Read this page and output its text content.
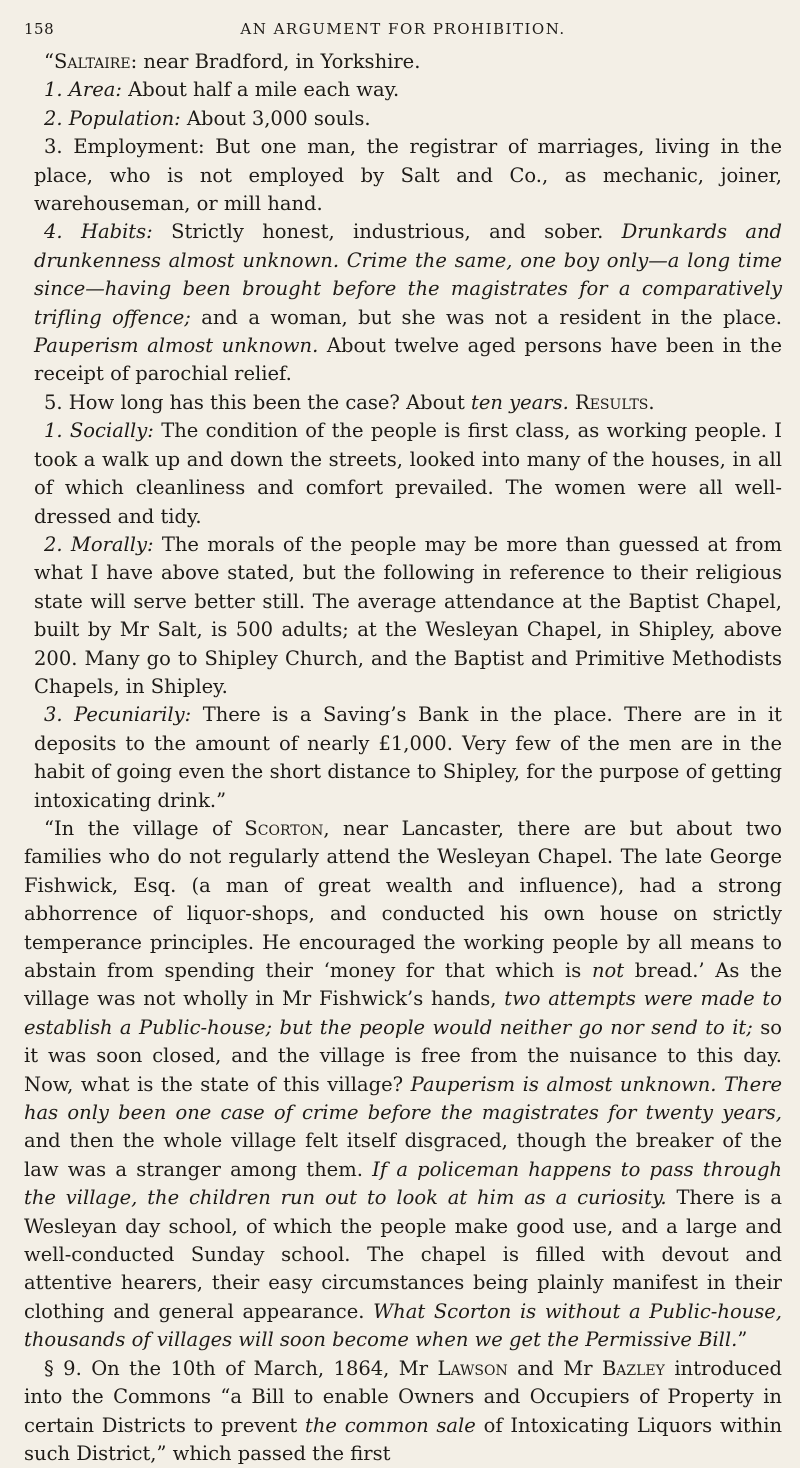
158	AN ARGUMENT FOR PROHIBITION.

“Saltaire: near Bradford, in Yorkshire.

1. Area: About half a mile each way.

2. Population: About 3,000 souls.

3. Employment: But one man, the registrar of marriages, living in the place, who is not employed by Salt and Co., as mechanic, joiner, warehouseman, or mill hand.

4. Habits: Strictly honest, industrious, and sober. Drunkards and drunkenness almost unknown. Crime the same, one boy only—a long time since—having been brought before the magistrates for a comparatively trifling offence; and a woman, but she was not a resident in the place. Pauperism almost unknown. About twelve aged persons have been in the receipt of parochial relief.

5. How long has this been the case? About ten years. Results.

1. Socially: The condition of the people is first class, as working people. I took a walk up and down the streets, looked into many of the houses, in all of which cleanliness and comfort prevailed. The women were all well-dressed and tidy.

2. Morally: The morals of the people may be more than guessed at from what I have above stated, but the following in reference to their religious state will serve better still. The average attendance at the Baptist Chapel, built by Mr Salt, is 500 adults; at the Wesleyan Chapel, in Shipley, above 200. Many go to Shipley Church, and the Baptist and Primitive Methodists Chapels, in Shipley.

3. Pecuniarily: There is a Saving’s Bank in the place. There are in it deposits to the amount of nearly £1,000. Very few of the men are in the habit of going even the short distance to Shipley, for the purpose of getting intoxicating drink.”

“In the village of Scorton, near Lancaster, there are but about two families who do not regularly attend the Wesleyan Chapel. The late George Fishwick, Esq. (a man of great wealth and influence), had a strong abhorrence of liquor-shops, and conducted his own house on strictly temperance principles. He encouraged the working people by all means to abstain from spending their ‘money for that which is not bread.’ As the village was not wholly in Mr Fishwick’s hands, two attempts were made to establish a Public-house; but the people would neither go nor send to it; so it was soon closed, and the village is free from the nuisance to this day. Now, what is the state of this village? Pauperism is almost unknown. There has only been one case of crime before the magistrates for twenty years, and then the whole village felt itself disgraced, though the breaker of the law was a stranger among them. If a policeman happens to pass through the village, the children run out to look at him as a curiosity. There is a Wesleyan day school, of which the people make good use, and a large and well-conducted Sunday school. The chapel is filled with devout and attentive hearers, their easy circumstances being plainly manifest in their clothing and general appearance. What Scorton is without a Public-house, thousands of villages will soon become when we get the Permissive Bill.”

§ 9. On the 10th of March, 1864, Mr Lawson and Mr Bazley introduced into the Commons “a Bill to enable Owners and Occupiers of Property in certain Districts to prevent the common sale of Intoxicating Liquors within such District,” which passed the first
